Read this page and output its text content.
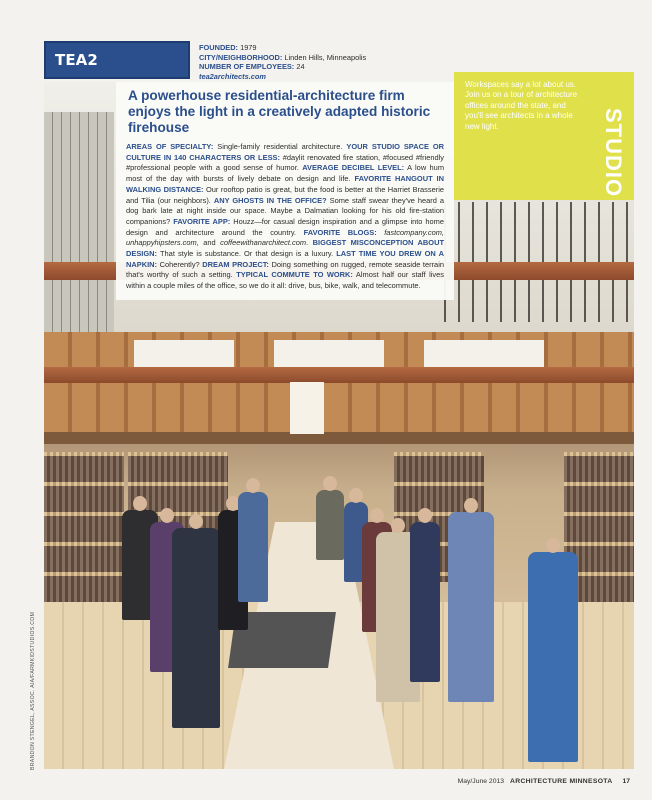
TEA2
FOUNDED: 1979
CITY/NEIGHBORHOOD: Linden Hills, Minneapolis
NUMBER OF EMPLOYEES: 24
tea2architects.com
BRANDON STENGEL, ASSOC. AIA/FARMKIDSTUDIOS.COM
A powerhouse residential-architecture firm enjoys the light in a creatively adapted historic firehouse

AREAS OF SPECIALTY: Single-family residential architecture. YOUR STUDIO SPACE OR CULTURE IN 140 CHARACTERS OR LESS: #daylit renovated fire station, #focused #friendly #professional people with a good sense of humor. AVERAGE DECIBEL LEVEL: A low hum most of the day with bursts of lively debate on design and life. FAVORITE HANGOUT IN WALKING DISTANCE: Our rooftop patio is great, but the food is better at the Harriet Brasserie and Tilia (our neighbors). ANY GHOSTS IN THE OFFICE? Some staff swear they've heard a dog bark late at night inside our space. Maybe a Dalmatian looking for his old fire-station companions? FAVORITE APP: Houzz—for casual design inspiration and a glimpse into home design and architecture around the country. FAVORITE BLOGS: fastcompany.com, unhappyhipsters.com, and coffeewithanarchitect.com. BIGGEST MISCONCEPTION ABOUT DESIGN: That style is substance. Or that design is a luxury. LAST TIME YOU DREW ON A NAPKIN: Coherently? DREAM PROJECT: Doing something on rugged, remote seaside terrain that's worthy of such a setting. TYPICAL COMMUTE TO WORK: Almost half our staff lives within a couple miles of the office, so we do it all: drive, bus, bike, walk, and telecommute.

Workspaces say a lot about us. Join us on a tour of architecture offices around the state, and you'll see architects in a whole new light.	STUDIO
May/June 2013 ARCHITECTURE MINNESOTA 17
